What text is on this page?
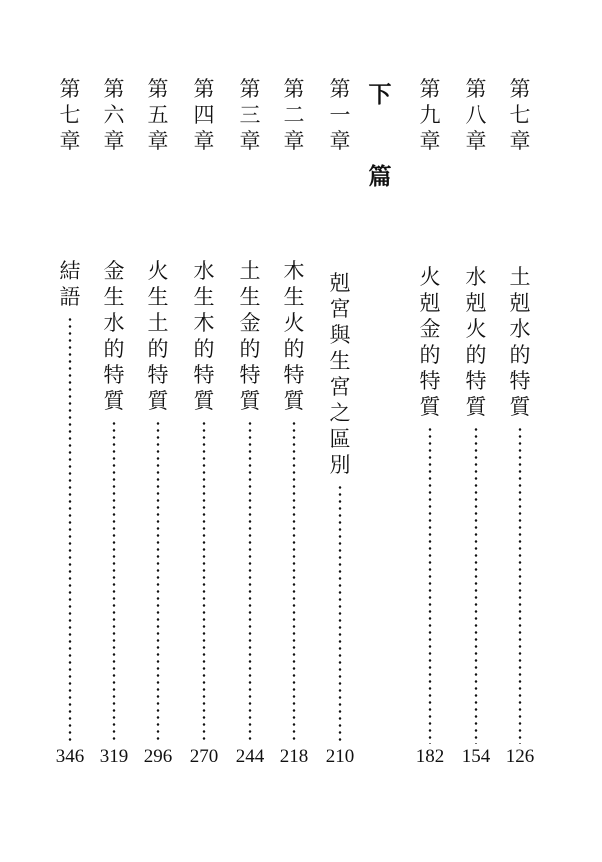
第
七
章
土
剋
水
的
特
質
126
第
八
章
水
剋
火
的
特
質
154
第
九
章
火
剋
金
的
特
質
182
下
篇
第
一
章
剋
宮
與
生
宮
之
區
別
210
第
二
章
木
生
火
的
特
質
218
第
三
章
土
生
金
的
特
質
244
第
四
章
水
生
木
的
特
質
270
第
五
章
火
生
土
的
特
質
296
第
六
章
金
生
水
的
特
質
319
第
七
章
結
語
346
